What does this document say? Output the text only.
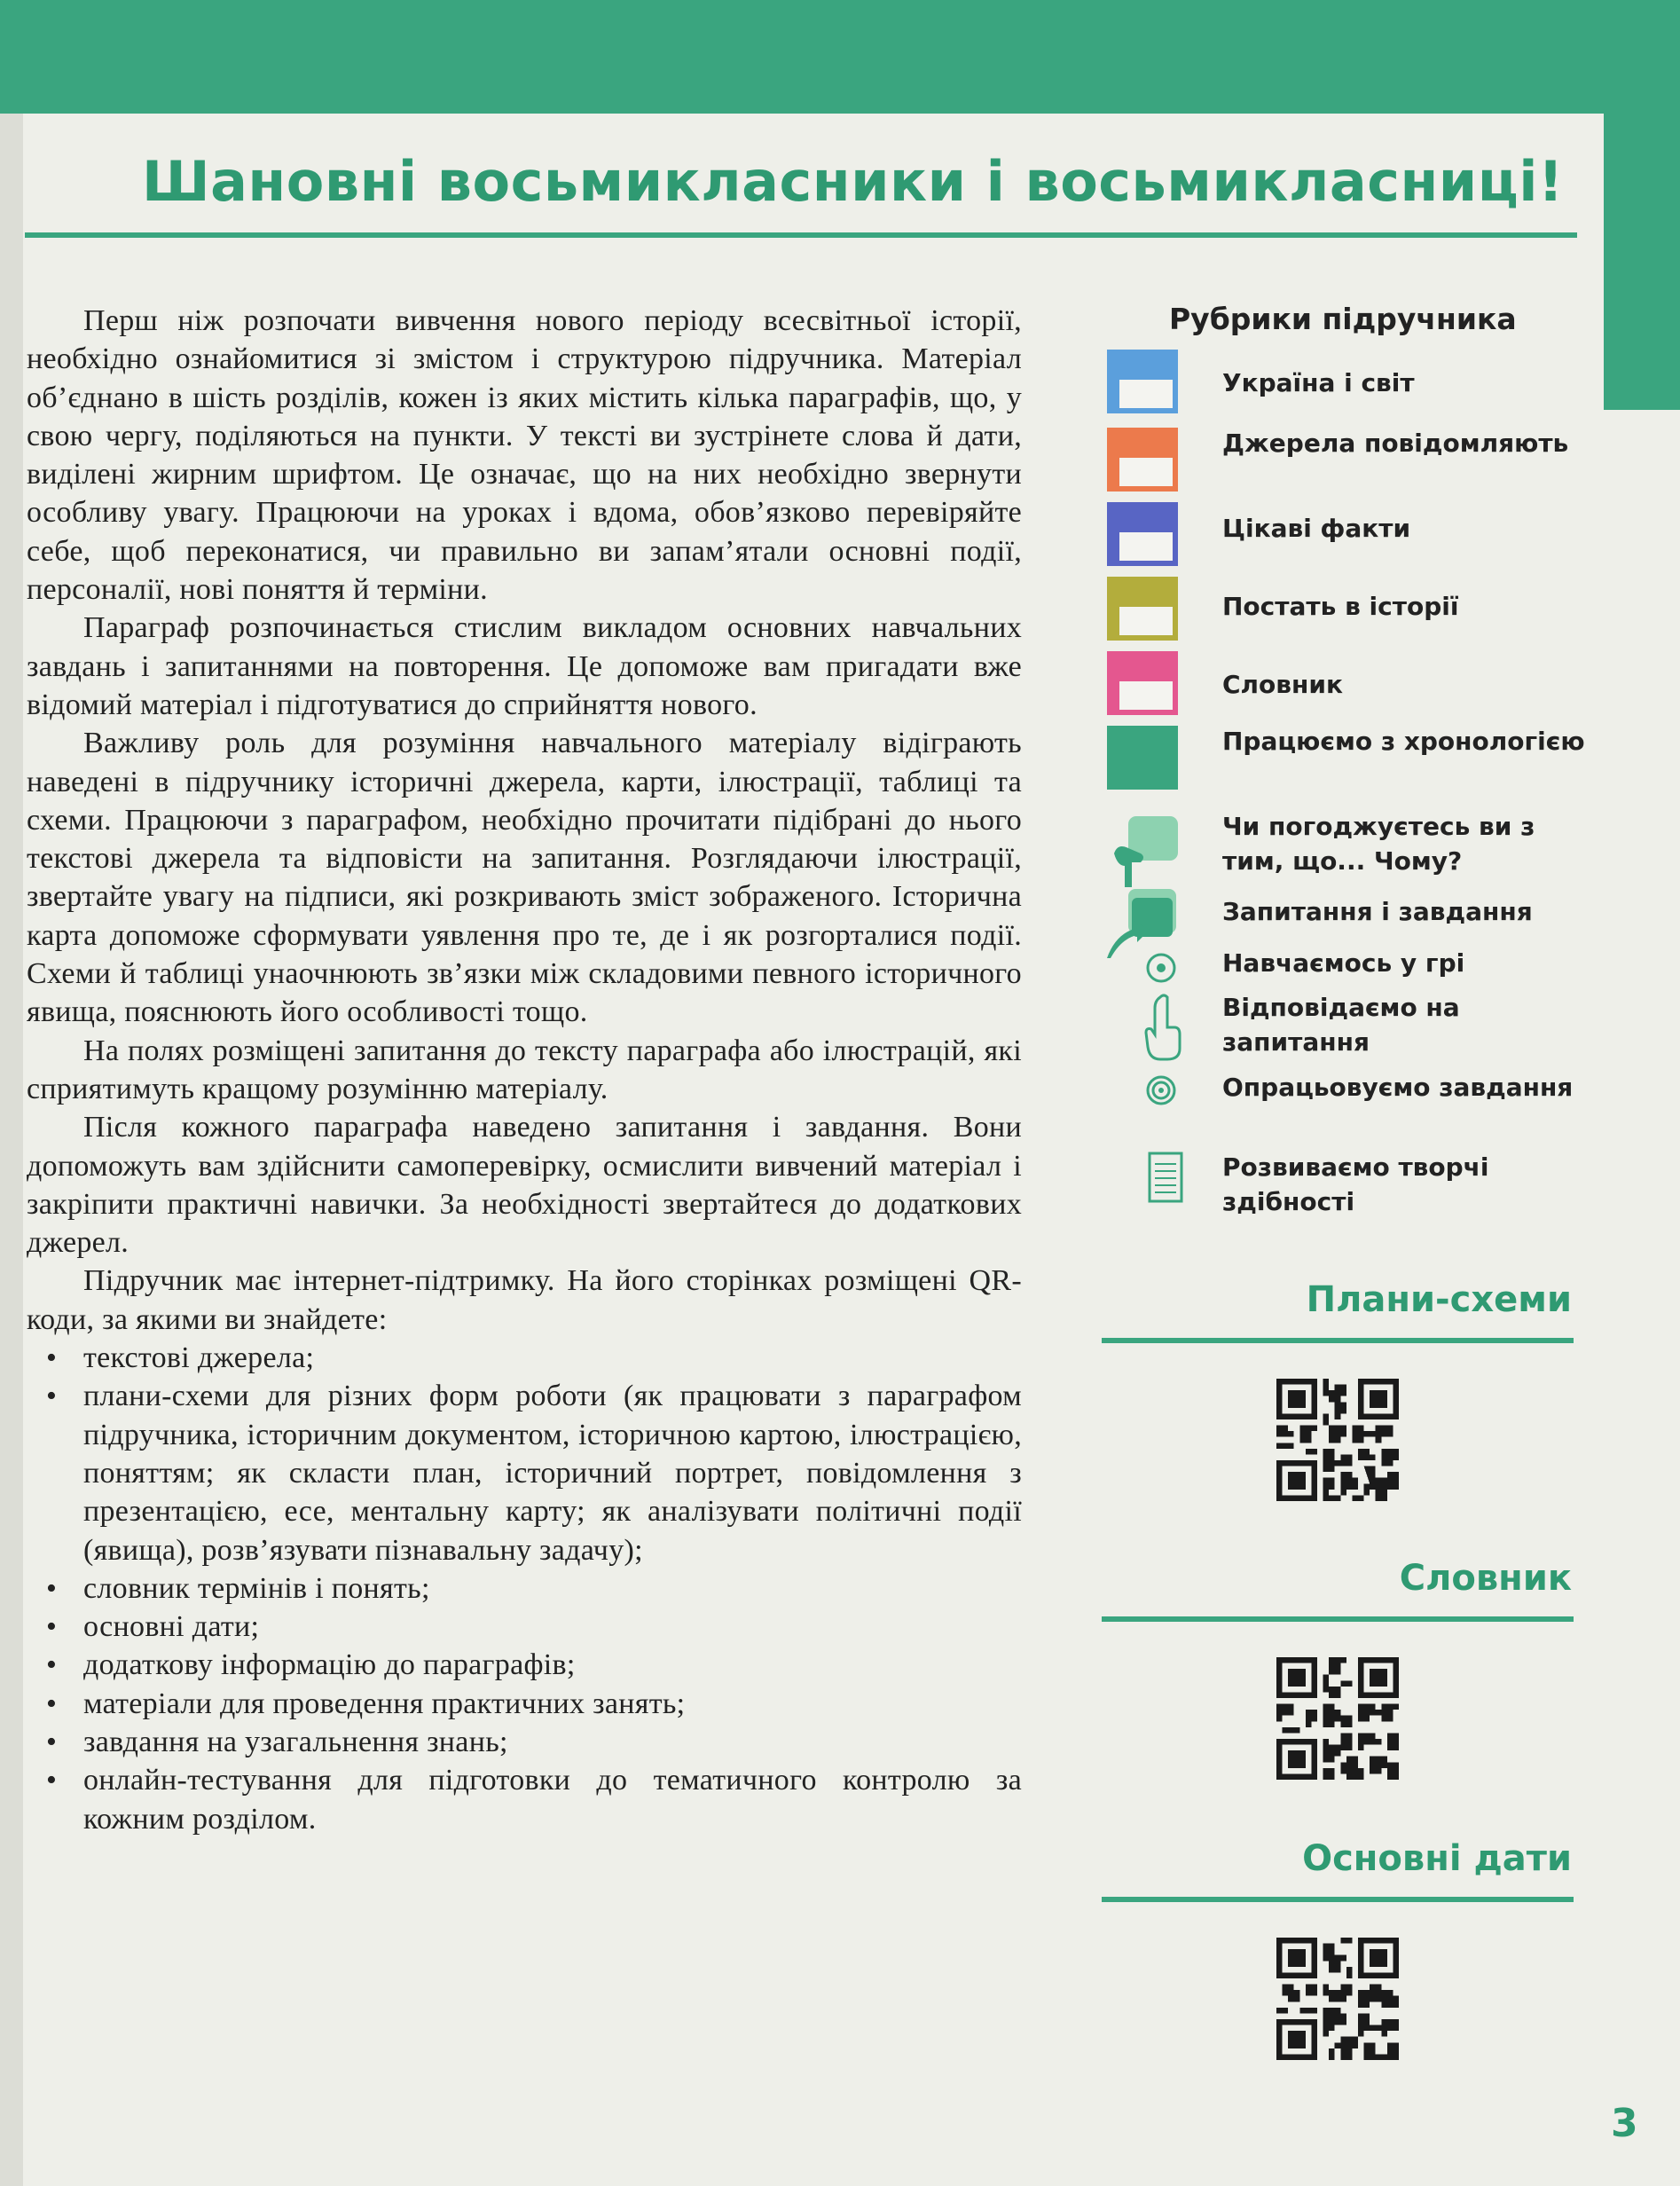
Шановні восьмикласники і восьмикласниці!

Перш ніж розпочати вивчення нового періоду всесвітньої історії, необхідно ознайомитися зі змістом і структурою підручника. Матеріал об’єднано в шість розділів, кожен із яких містить кілька параграфів, що, у свою чергу, поділяються на пункти. У тексті ви зустрінете слова й дати, виділені жирним шрифтом. Це означає, що на них необхідно звернути особливу увагу. Працюючи на уроках і вдома, обов’язково перевіряйте себе, щоб переконатися, чи правильно ви запам’ятали основні події, персоналії, нові поняття й терміни.

Параграф розпочинається стислим викладом основних навчальних завдань і запитаннями на повторення. Це допоможе вам пригадати вже відомий матеріал і підготуватися до сприйняття нового.

Важливу роль для розуміння навчального матеріалу відіграють наведені в підручнику історичні джерела, карти, ілюстрації, таблиці та схеми. Працюючи з параграфом, необхідно прочитати підібрані до нього текстові джерела та відповісти на запитання. Розглядаючи ілюстрації, звертайте увагу на підписи, які розкривають зміст зображеного. Історична карта допоможе сформувати уявлення про те, де і як розгорталися події. Схеми й таблиці унаочнюють зв’язки між складовими певного історичного явища, пояснюють його особливості тощо.

На полях розміщені запитання до тексту параграфа або ілюстрацій, які сприятимуть кращому розумінню матеріалу.

Після кожного параграфа наведено запитання і завдання. Вони допоможуть вам здійснити самоперевірку, осмислити вивчений матеріал і закріпити практичні навички. За необхідності звертайтеся до додаткових джерел.

Підручник має інтернет-підтримку. На його сторінках розміщені QR-коди, за якими ви знайдете:

• текстові джерела;
• плани-схеми для різних форм роботи (як працювати з параграфом підручника, історичним документом, історичною картою, ілюстрацією, поняттям; як скласти план, історичний портрет, повідомлення з презентацією, есе, ментальну карту; як аналізувати політичні події (явища), розв’язувати пізнавальну задачу);
• словник термінів і понять;
• основні дати;
• додаткову інформацію до параграфів;
• матеріали для проведення практичних занять;
• завдання на узагальнення знань;
• онлайн-тестування для підготовки до тематичного контролю за кожним розділом.
Рубрики підручника
Україна і світ
Джерела повідомляють
Цікаві факти
Постать в історії
Словник
Працюємо з хронологією
Чи погоджуєтесь ви з тим, що... Чому?
Запитання і завдання
Навчаємось у грі
Відповідаємо на запитання
Опрацьовуємо завдання
Розвиваємо творчі здібності
Плани-схеми
Словник
Основні дати
3
